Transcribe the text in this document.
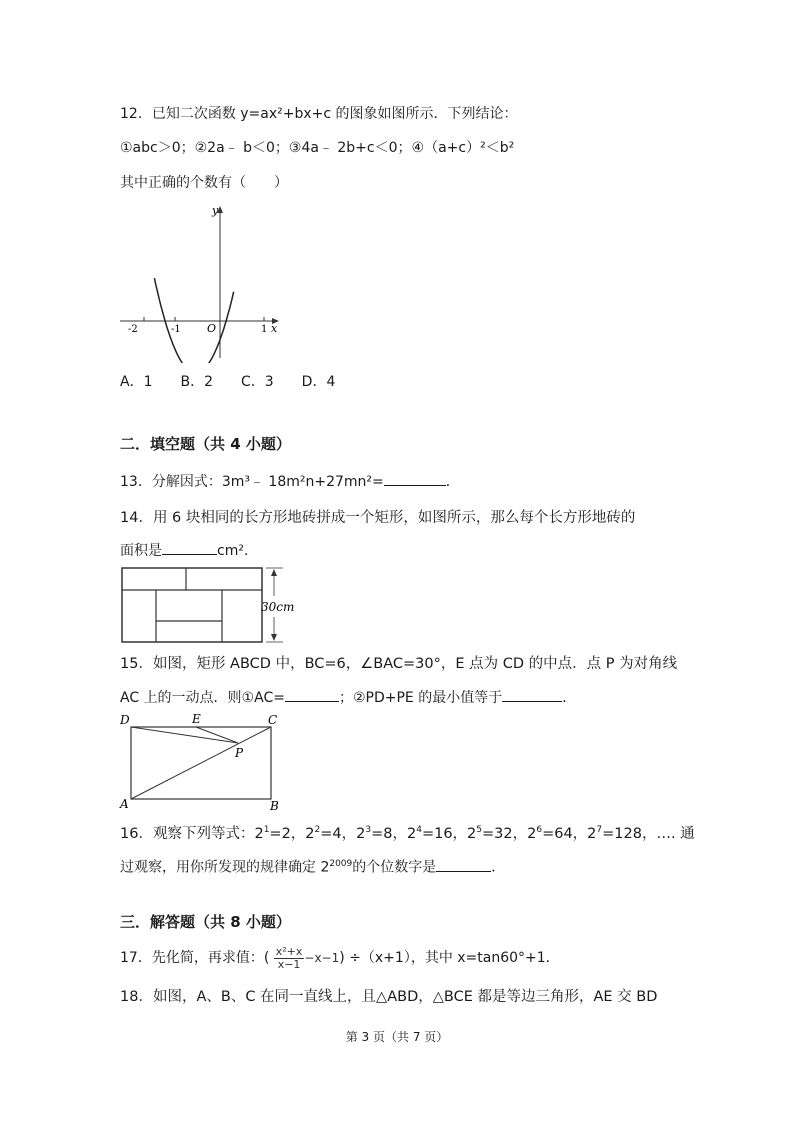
12．已知二次函数 y=ax²+bx+c 的图象如图所示．下列结论：
①abc＞0；②2a﹣ b＜0；③4a﹣ 2b+c＜0；④（a+c）²＜b²
其中正确的个数有（　　）
y
x
O
-2	-1	1
A．1　　B．2　　C．3　　D．4
二．填空题（共 4 小题）
13．分解因式：3m³﹣ 18m²n+27mn²=	．
14．用 6 块相同的长方形地砖拼成一个矩形，如图所示，那么每个长方形地砖的
面积是	cm²．
30cm
15．如图，矩形 ABCD 中，BC=6，∠BAC=30°，E 点为 CD 的中点．点 P 为对角线
AC 上的一动点．则①AC=	；②PD+PE 的最小值等于	．
D	E	C
P
A	B
16．观察下列等式：$2^1=2$，$2^2=4$，$2^3=8$，$2^4=16$，$2^5=32$，$2^6=64$，$2^7=128$，…. 通
过观察，用你所发现的规律确定 $2^{2009}$的个位数字是	．
三．解答题（共 8 小题）
17．先化简，再求值：( $\frac{\text{x²+x}}{x-1} -x-1) \div(x+1)$，其中 x=tan60°+1．
18．如图，A、B、C 在同一直线上，且△ABD，△BCE 都是等边三角形，AE 交 BD
第 3 页（共 7 页）
